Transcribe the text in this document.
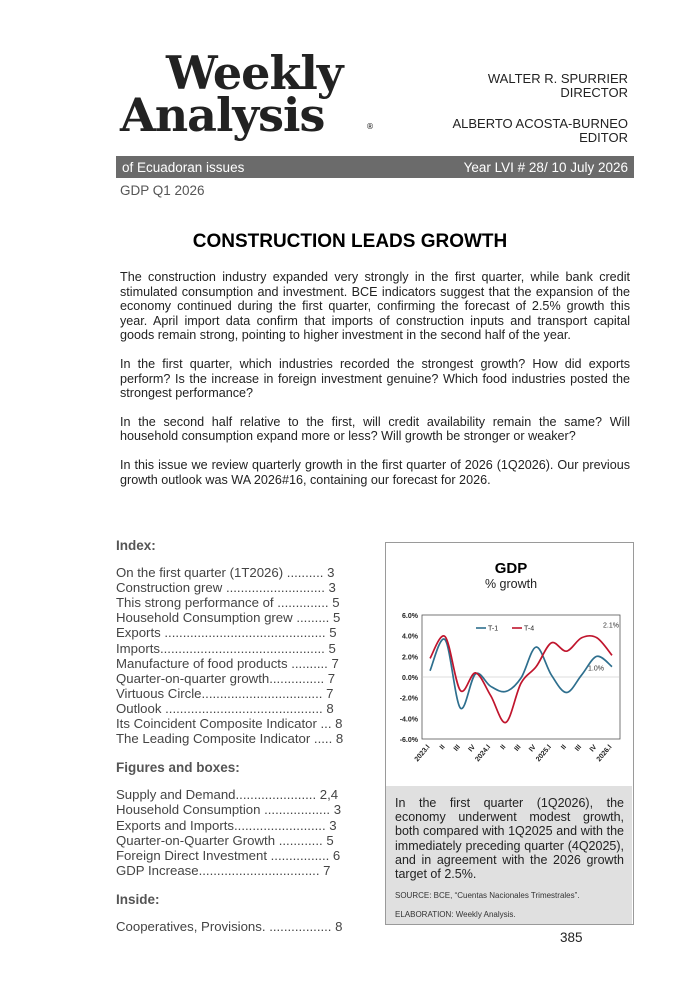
Weekly
Analysis	®
WALTER R. SPURRIER
DIRECTOR
ALBERTO ACOSTA-BURNEO
EDITOR
of Ecuadoran issues	Year LVI # 28/ 10 July 2026
GDP Q1 2026
CONSTRUCTION LEADS GROWTH

The construction industry expanded very strongly in the first quarter, while bank credit stimulated consumption and investment. BCE indicators suggest that the expansion of the economy continued during the first quarter, confirming the forecast of 2.5% growth this year. April import data confirm that imports of construction inputs and transport capital goods remain strong, pointing to higher investment in the second half of the year.

In the first quarter, which industries recorded the strongest growth? How did exports perform? Is the increase in foreign investment genuine? Which food industries posted the strongest performance?

In the second half relative to the first, will credit availability remain the same? Will household consumption expand more or less? Will growth be stronger or weaker?

In this issue we review quarterly growth in the first quarter of 2026 (1Q2026). Our previous growth outlook was WA 2026#16, containing our forecast for 2026.

Index:
On the first quarter (1T2026) .......... 3
Construction grew ........................... 3
This strong performance of .............. 5
Household Consumption grew ......... 5
Exports ............................................ 5
Imports............................................. 5
Manufacture of food products .......... 7
Quarter-on-quarter growth............... 7
Virtuous Circle................................. 7
Outlook ........................................... 8
Its Coincident Composite Indicator ... 8
The Leading Composite Indicator ..... 8
Figures and boxes:
Supply and Demand...................... 2,4
Household Consumption .................. 3
Exports and Imports......................... 3
Quarter-on-Quarter Growth ............ 5
Foreign Direct Investment ................ 6
GDP Increase................................. 7
Inside:
Cooperatives, Provisions. ................. 8
GDP
% growth
6.0%
4.0%
2.0%
0.0%
-2.0%
-4.0%
-6.0%
2023.I II III IV
2024.I II III IV
2025.I II III IV
2026.I
T-1	T-4	2.1%
1.0%
In the first quarter (1Q2026), the economy underwent modest growth, both compared with 1Q2025 and with the immediately preceding quarter (4Q2025), and in agreement with the 2026 growth target of 2.5%.
SOURCE: BCE, “Cuentas Nacionales Trimestrales”.
ELABORATION: Weekly Analysis.
385
